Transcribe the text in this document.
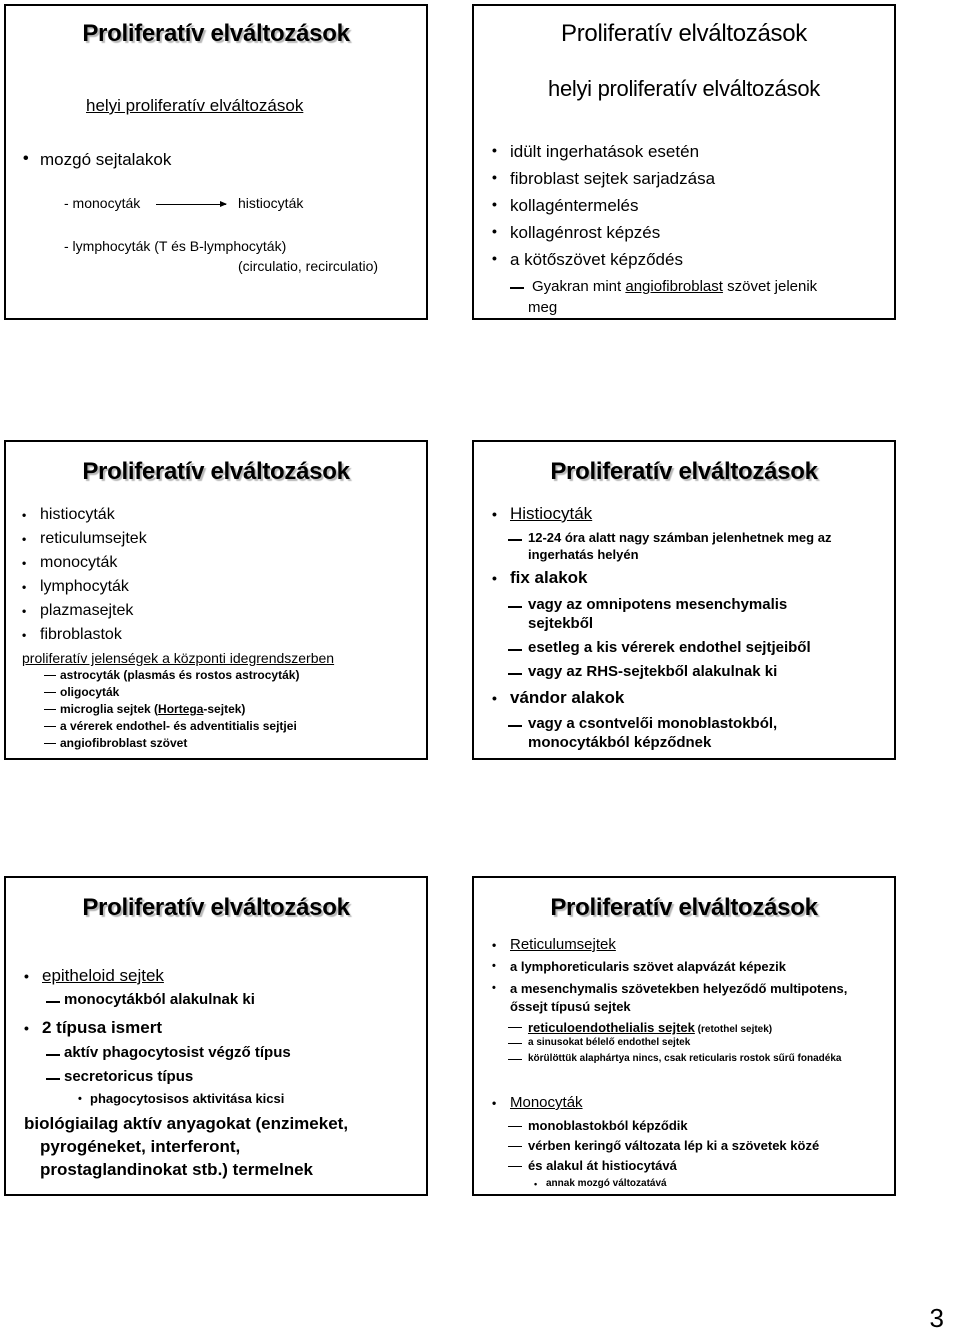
Proliferatív elváltozások
helyi proliferatív elváltozások
• mozgó sejtalakok
- monocyták	histiocyták
- lymphocyták (T és B-lymphocyták)
(circulatio, recirculatio)
Proliferatív elváltozások
helyi proliferatív elváltozások
• idült ingerhatások esetén
• fibroblast sejtek sarjadzása
• kollagéntermelés
• kollagénrost képzés
• a kötőszövet képződés
Gyakran mint angiofibroblast szövet jelenik
meg
Proliferatív elváltozások
• histiocyták
• reticulumsejtek
• monocyták
• lymphocyták
• plazmasejtek
• fibroblastok
proliferatív jelenségek a központi idegrendszerben
astrocyták (plasmás és rostos astrocyták)
oligocyták
microglia sejtek (Hortega-sejtek)
a vérerek endothel- és adventitialis sejtjei
angiofibroblast szövet
Proliferatív elváltozások
• Histiocyták
12-24 óra alatt nagy számban jelenhetnek meg az
ingerhatás helyén
• fix alakok
vagy az omnipotens mesenchymalis
sejtekből
esetleg a kis vérerek endothel sejtjeiből
vagy az RHS-sejtekből alakulnak ki
• vándor alakok
vagy a csontvelői monoblastokból,
monocytákból képződnek
Proliferatív elváltozások
• epitheloid sejtek
monocytákból alakulnak ki
• 2 típusa ismert
aktív phagocytosist végző típus
secretoricus típus
• phagocytosisos aktivitása kicsi
biológiailag aktív anyagokat (enzimeket,
pyrogéneket, interferont,
prostaglandinokat stb.) termelnek
Proliferatív elváltozások
• Reticulumsejtek
• a lymphoreticularis szövet alapvázát képezik
• a mesenchymalis szövetekben helyeződő multipotens,
őssejt típusú sejtek
reticuloendothelialis sejtek (retothel sejtek)
a sinusokat bélelő endothel sejtek
körülöttük alaphártya nincs, csak reticularis rostok sűrű fonadéka
• Monocyták
monoblastokból képződik
vérben keringő változata lép ki a szövetek közé
és alakul át histiocytává
• annak mozgó változatává
3
